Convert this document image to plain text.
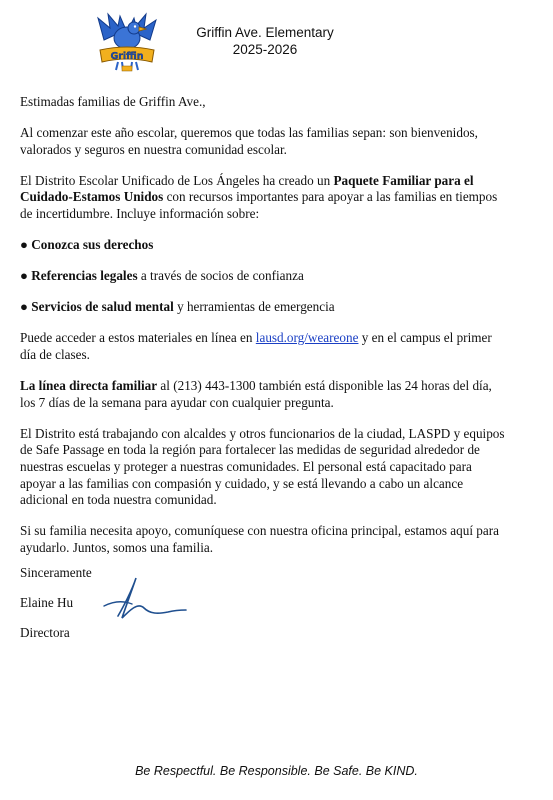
Griffin
Griffin Ave. Elementary
2025-2026

Estimadas familias de Griffin Ave.,

Al comenzar este año escolar, queremos que todas las familias sepan: son bienvenidos, valorados y seguros en nuestra comunidad escolar.

El Distrito Escolar Unificado de Los Ángeles ha creado un Paquete Familiar para el Cuidado-Estamos Unidos con recursos importantes para apoyar a las familias en tiempos de incertidumbre. Incluye información sobre:

● Conozca sus derechos
● Referencias legales a través de socios de confianza
● Servicios de salud mental y herramientas de emergencia

Puede acceder a estos materiales en línea en lausd.org/weareone y en el campus el primer día de clases.

La línea directa familiar al (213) 443-1300 también está disponible las 24 horas del día, los 7 días de la semana para ayudar con cualquier pregunta.

El Distrito está trabajando con alcaldes y otros funcionarios de la ciudad, LASPD y equipos de Safe Passage en toda la región para fortalecer las medidas de seguridad alrededor de nuestras escuelas y proteger a nuestras comunidades. El personal está capacitado para apoyar a las familias con compasión y cuidado, y se está llevando a cabo un alcance adicional en toda nuestra comunidad.

Si su familia necesita apoyo, comuníquese con nuestra oficina principal, estamos aquí para ayudarlo. Juntos, somos una familia.

Sinceramente
Elaine Hu
Directora
Be Respectful. Be Responsible. Be Safe. Be KIND.
